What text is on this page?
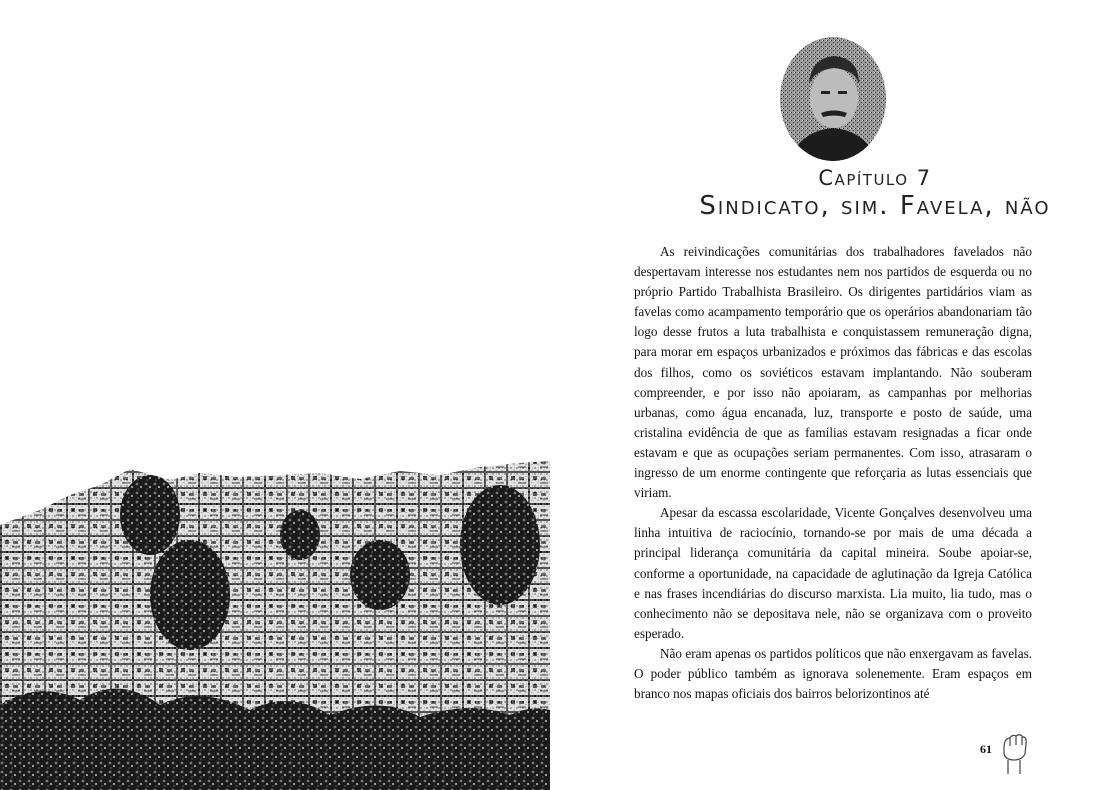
Capítulo 7
Sindicato, sim. Favela, não

As reivindicações comunitárias dos trabalhadores favelados não despertavam interesse nos estudantes nem nos partidos de esquerda ou no próprio Partido Trabalhista Brasileiro. Os dirigentes partidários viam as favelas como acampamento temporário que os operários abandonariam tão logo desse frutos a luta trabalhista e conquistassem remuneração digna, para morar em espaços urbanizados e próximos das fábricas e das escolas dos filhos, como os soviéticos estavam implantando. Não souberam compreender, e por isso não apoiaram, as campanhas por melhorias urbanas, como água encanada, luz, transporte e posto de saúde, uma cristalina evidência de que as famílias estavam resignadas a ficar onde estavam e que as ocupações seriam permanentes. Com isso, atrasaram o ingresso de um enorme contingente que reforçaria as lutas essenciais que viriam.

Apesar da escassa escolaridade, Vicente Gonçalves desenvolveu uma linha intuitiva de raciocínio, tornando-se por mais de uma década a principal liderança comunitária da capital mineira. Soube apoiar-se, conforme a oportunidade, na capacidade de aglutinação da Igreja Católica e nas frases incendiárias do discurso marxista. Lia muito, lia tudo, mas o conhecimento não se depositava nele, não se organizava com o proveito esperado.

Não eram apenas os partidos políticos que não enxergavam as favelas. O poder público também as ignorava solenemente. Eram espaços em branco nos mapas oficiais dos bairros belorizontinos até

61
